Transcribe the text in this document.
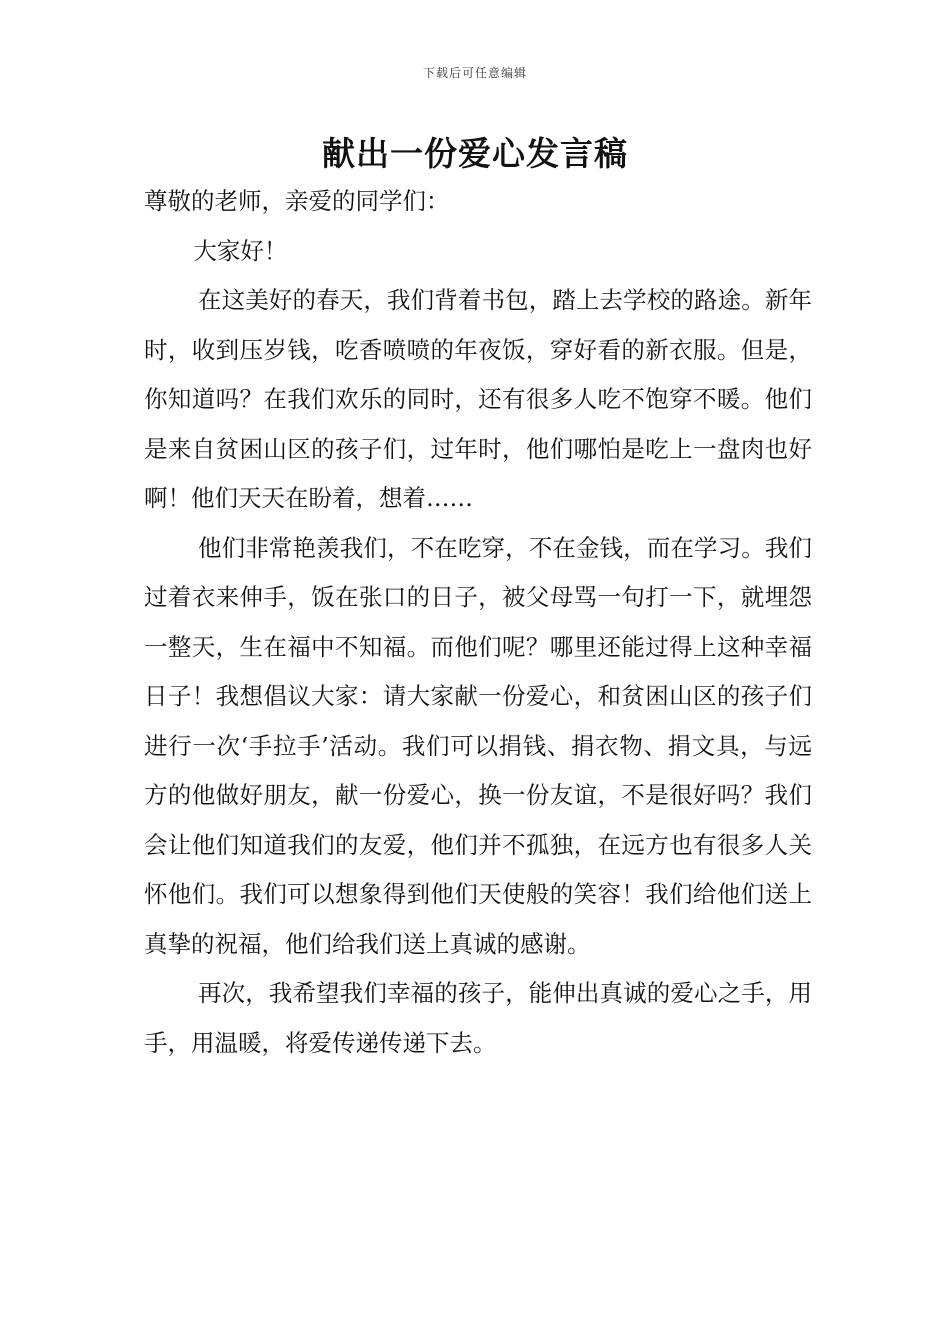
下载后可任意编辑
献出一份爱心发言稿

尊敬的老师，亲爱的同学们：

大家好！

在这美好的春天，我们背着书包，踏上去学校的路途。新年时，收到压岁钱，吃香喷喷的年夜饭，穿好看的新衣服。但是，你知道吗？在我们欢乐的同时，还有很多人吃不饱穿不暖。他们是来自贫困山区的孩子们，过年时，他们哪怕是吃上一盘肉也好啊！他们天天在盼着，想着……

他们非常艳羡我们，不在吃穿，不在金钱，而在学习。我们过着衣来伸手，饭在张口的日子，被父母骂一句打一下，就埋怨一整天，生在福中不知福。而他们呢？哪里还能过得上这种幸福日子！我想倡议大家：请大家献一份爱心，和贫困山区的孩子们进行一次‘手拉手’活动。我们可以捐钱、捐衣物、捐文具，与远方的他做好朋友，献一份爱心，换一份友谊，不是很好吗？我们会让他们知道我们的友爱，他们并不孤独，在远方也有很多人关怀他们。我们可以想象得到他们天使般的笑容！我们给他们送上真挚的祝福，他们给我们送上真诚的感谢。

再次，我希望我们幸福的孩子，能伸出真诚的爱心之手，用手，用温暖，将爱传递传递下去。
